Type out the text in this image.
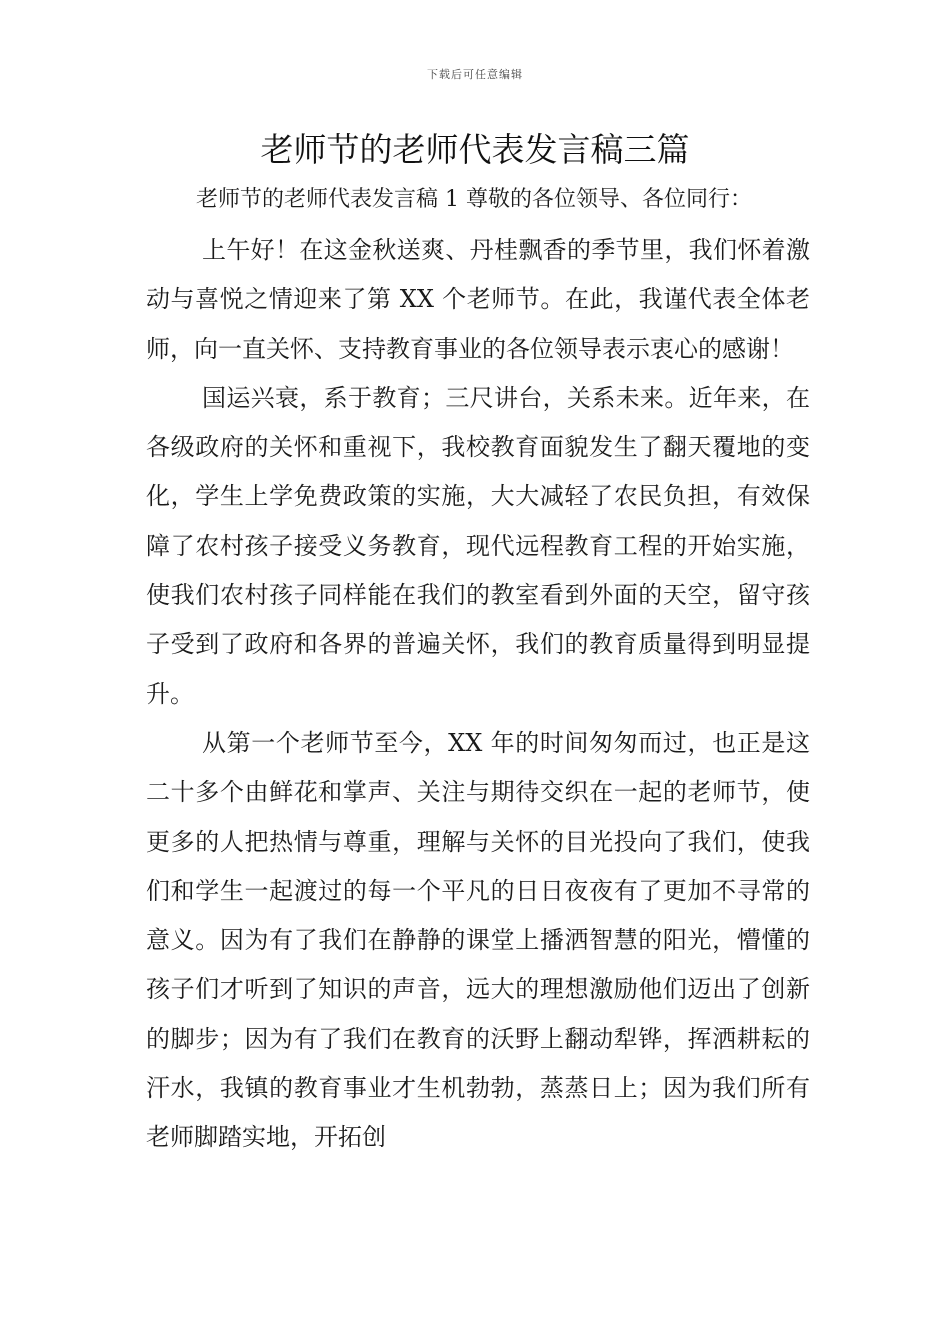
下载后可任意编辑
老师节的老师代表发言稿三篇
老师节的老师代表发言稿 1 尊敬的各位领导、各位同行：

上午好！在这金秋送爽、丹桂飘香的季节里，我们怀着激动与喜悦之情迎来了第 XX 个老师节。在此，我谨代表全体老师，向一直关怀、支持教育事业的各位领导表示衷心的感谢！

国运兴衰，系于教育；三尺讲台，关系未来。近年来，在各级政府的关怀和重视下，我校教育面貌发生了翻天覆地的变化，学生上学免费政策的实施，大大减轻了农民负担，有效保障了农村孩子接受义务教育，现代远程教育工程的开始实施，使我们农村孩子同样能在我们的教室看到外面的天空，留守孩子受到了政府和各界的普遍关怀，我们的教育质量得到明显提升。

从第一个老师节至今，XX 年的时间匆匆而过，也正是这二十多个由鲜花和掌声、关注与期待交织在一起的老师节，使更多的人把热情与尊重，理解与关怀的目光投向了我们，使我们和学生一起渡过的每一个平凡的日日夜夜有了更加不寻常的意义。因为有了我们在静静的课堂上播洒智慧的阳光，懵懂的孩子们才听到了知识的声音，远大的理想激励他们迈出了创新的脚步；因为有了我们在教育的沃野上翻动犁铧，挥洒耕耘的汗水，我镇的教育事业才生机勃勃，蒸蒸日上；因为我们所有老师脚踏实地，开拓创
